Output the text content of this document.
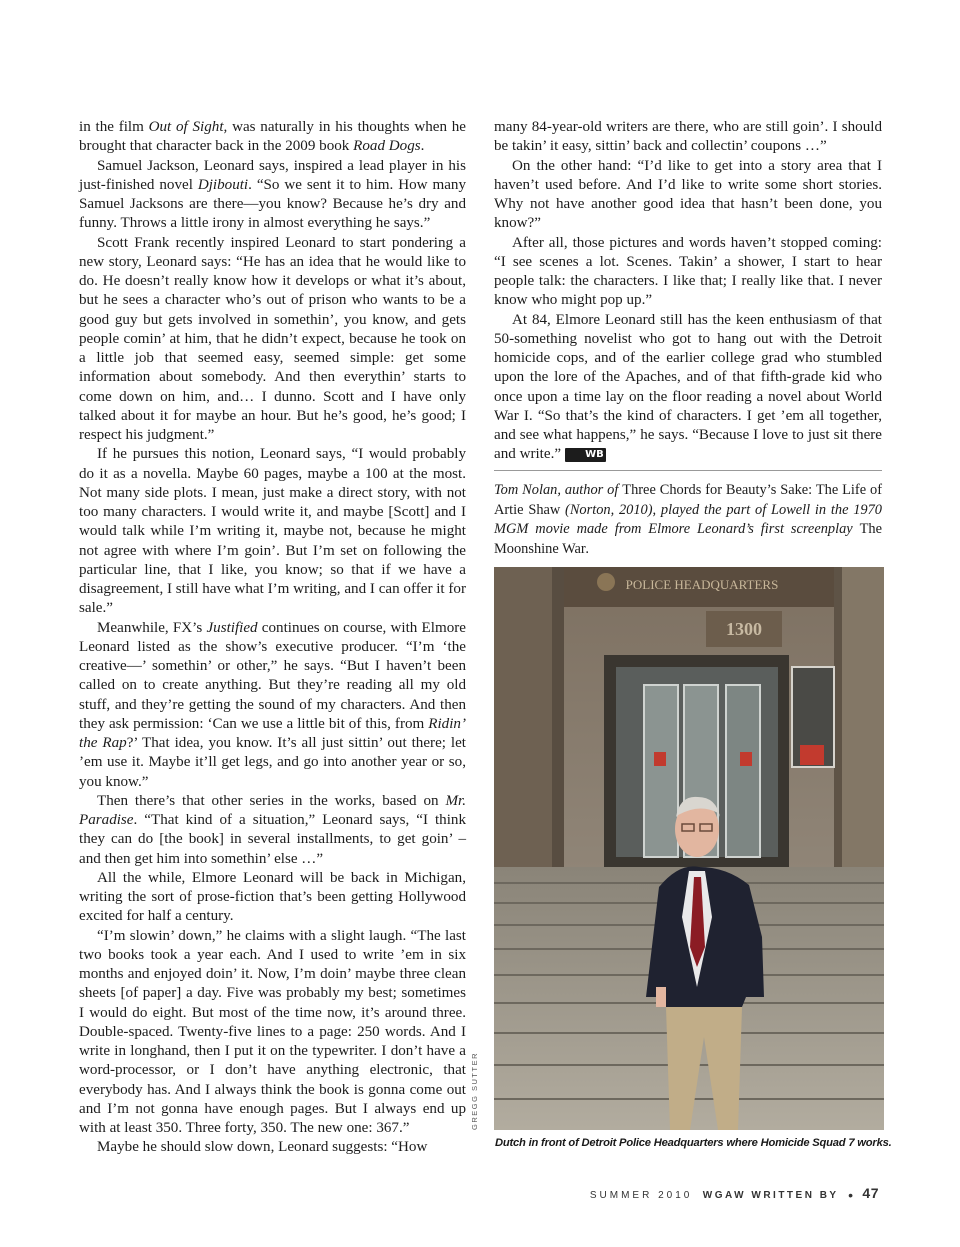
in the film Out of Sight, was naturally in his thoughts when he brought that character back in the 2009 book Road Dogs.

Samuel Jackson, Leonard says, inspired a lead player in his just-finished novel Djibouti. “So we sent it to him. How many Samuel Jacksons are there—you know? Because he’s dry and funny. Throws a little irony in almost everything he says.”

Scott Frank recently inspired Leonard to start pondering a new story, Leonard says: “He has an idea that he would like to do. He doesn’t really know how it develops or what it’s about, but he sees a character who’s out of prison who wants to be a good guy but gets involved in somethin’, you know, and gets people comin’ at him, that he didn’t expect, because he took on a little job that seemed easy, seemed simple: get some information about somebody. And then everythin’ starts to come down on him, and… I dunno. Scott and I have only talked about it for maybe an hour. But he’s good, he’s good; I respect his judgment.”

If he pursues this notion, Leonard says, “I would probably do it as a novella. Maybe 60 pages, maybe a 100 at the most. Not many side plots. I mean, just make a direct story, with not too many characters. I would write it, and maybe [Scott] and I would talk while I’m writing it, maybe not, because he might not agree with where I’m goin’. But I’m set on following the particular line, that I like, you know; so that if we have a disagreement, I still have what I’m writing, and I can offer it for sale.”

Meanwhile, FX’s Justified continues on course, with Elmore Leonard listed as the show’s executive producer. “I’m ‘the creative—’ somethin’ or other,” he says. “But I haven’t been called on to create anything. But they’re reading all my old stuff, and they’re getting the sound of my characters. And then they ask permission: ‘Can we use a little bit of this, from Ridin’ the Rap?’ That idea, you know. It’s all just sittin’ out there; let ’em use it. Maybe it’ll get legs, and go into another year or so, you know.”

Then there’s that other series in the works, based on Mr. Paradise. “That kind of a situation,” Leonard says, “I think they can do [the book] in several installments, to get goin’ – and then get him into somethin’ else …”

All the while, Elmore Leonard will be back in Michigan, writing the sort of prose-fiction that’s been getting Hollywood excited for half a century.

“I’m slowin’ down,” he claims with a slight laugh. “The last two books took a year each. And I used to write ’em in six months and enjoyed doin’ it. Now, I’m doin’ maybe three clean sheets [of paper] a day. Five was probably my best; sometimes I would do eight. But most of the time now, it’s around three. Double-spaced. Twenty-five lines to a page: 250 words. And I write in longhand, then I put it on the typewriter. I don’t have a word-processor, or I don’t have anything electronic, that everybody has. And I always think the book is gonna come out and I’m not gonna have enough pages. But I always end up with at least 350. Three forty, 350. The new one: 367.”

Maybe he should slow down, Leonard suggests: “How

many 84-year-old writers are there, who are still goin’. I should be takin’ it easy, sittin’ back and collectin’ coupons …”

On the other hand: “I’d like to get into a story area that I haven’t used before. And I’d like to write some short stories. Why not have another good idea that hasn’t been done, you know?”

After all, those pictures and words haven’t stopped coming: “I see scenes a lot. Scenes. Takin’ a shower, I start to hear people talk: the characters. I like that; I really like that. I never know who might pop up.”

At 84, Elmore Leonard still has the keen enthusiasm of that 50-something novelist who got to hang out with the Detroit homicide cops, and of the earlier college grad who stumbled upon the lore of the Apaches, and of that fifth-grade kid who once upon a time lay on the floor reading a novel about World War I. “So that’s the kind of characters. I get ’em all together, and see what happens,” he says. “Because I love to just sit there and write.” WB

Tom Nolan, author of Three Chords for Beauty’s Sake: The Life of Artie Shaw (Norton, 2010), played the part of Lowell in the 1970 MGM movie made from Elmore Leonard’s first screenplay The Moonshine War.
POLICE HEADQUARTERS
1300
GREGG SUTTER
Dutch in front of Detroit Police Headquarters where Homicide Squad 7 works.
SUMMER 2010 WGAW WRITTEN BY • 47
